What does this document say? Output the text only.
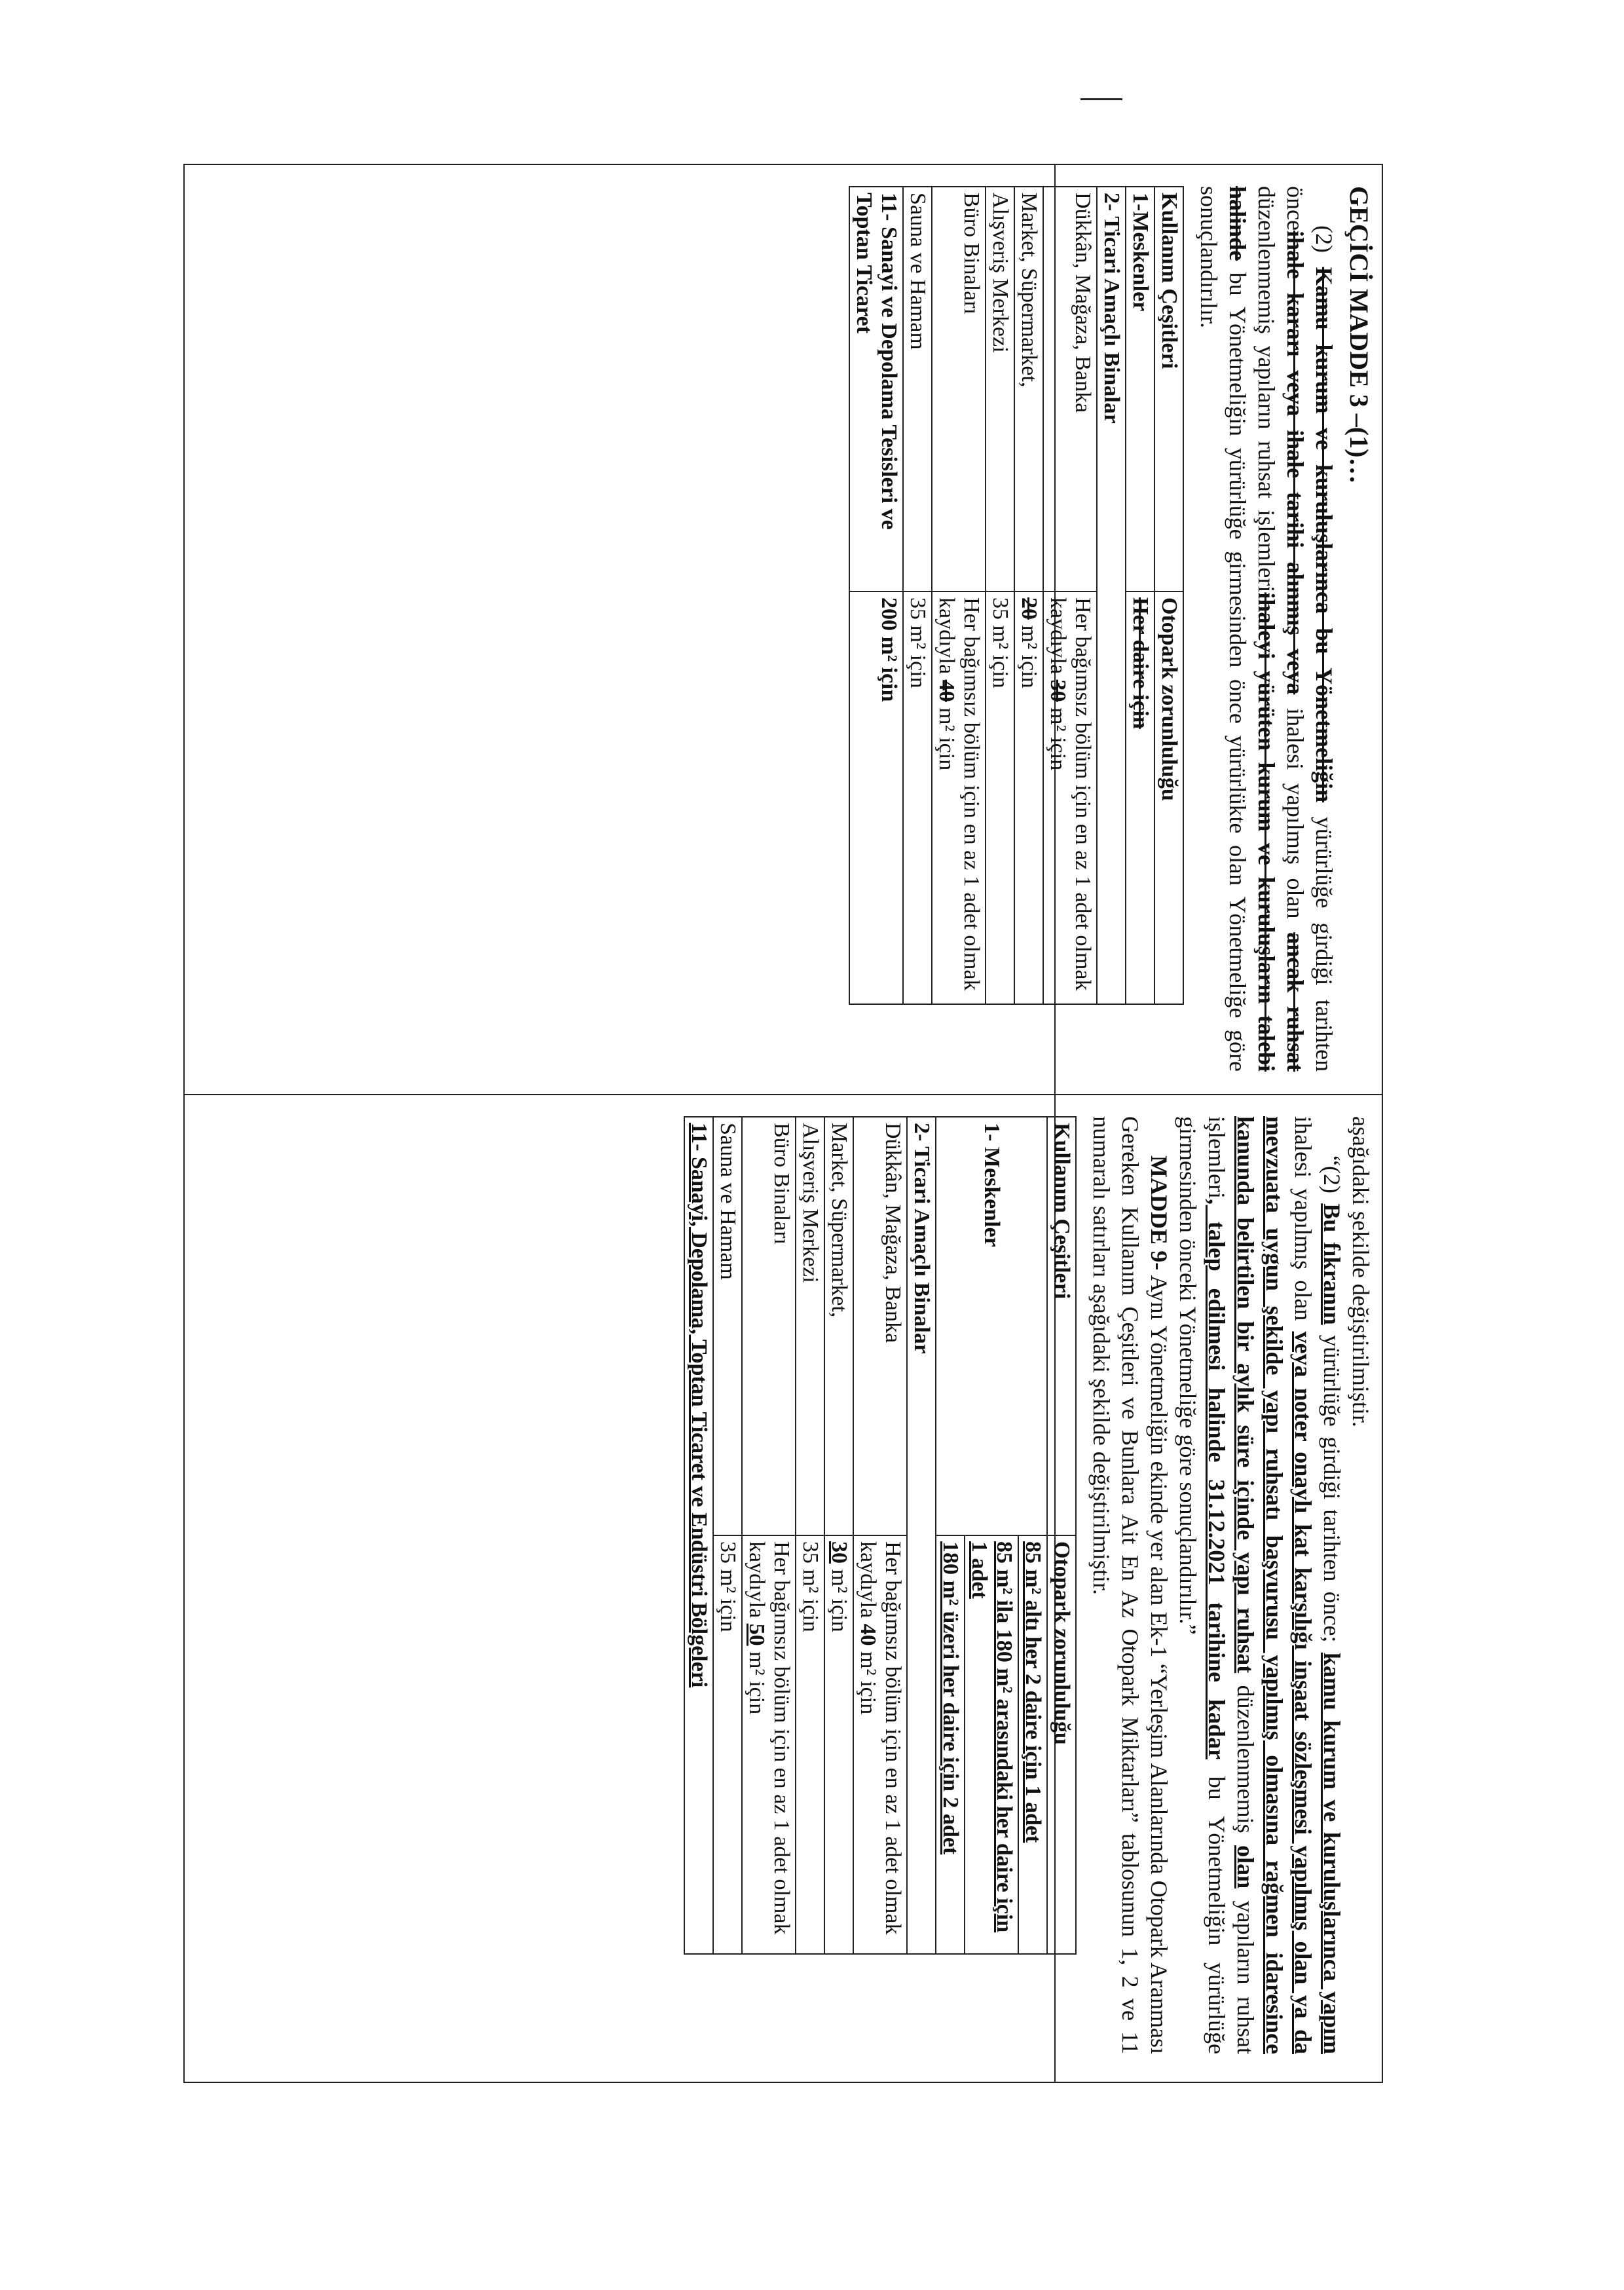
GEÇİCİ MADDE 3 –(1)…

(2) Kamu kurum ve kuruluşlarınca bu Yönetmeliğin yürürlüğe girdiği tarihten önceihale kararı veya ihale tarihi alınmış veya ihalesi yapılmış olan ancak ruhsat düzenlenmemiş yapıların ruhsat işlemleriihaleyi yürüten kurum ve kuruluşların talebi halinde bu Yönetmeliğin yürürlüğe girmesinden önce yürürlükte olan Yönetmeliğe göre sonuçlandırılır.

Kullanım Çeşitleri	Otopark zorunluluğu
1-Meskenler	Her daire için
2- Ticari Amaçlı Binalar	
Dükkân, Mağaza, Banka	Her bağımsız bölüm için en az 1 adet olmak kaydıyla 30 m² için
Market, Süpermarket,	20 m² için
Alışveriş Merkezi	35 m² için
Büro Binaları	Her bağımsız bölüm için en az 1 adet olmak kaydıyla 40 m² için
Sauna ve Hamam	35 m² için
11- Sanayi ve Depolama Tesisleri ve Toptan Ticaret	200 m² için

aşağıdaki şekilde değiştirilmiştir.

“(2) Bu fıkranın yürürlüğe girdiği tarihten önce; kamu kurum ve kuruluşlarınca yapım ihalesi yapılmış olan veya noter onaylı kat karşılığı inşaat sözleşmesi yapılmış olan ya da mevzuata uygun şekilde yapı ruhsatı başvurusu yapılmış olmasına rağmen idaresince kanunda belirtilen bir aylık süre içinde yapı ruhsat düzenlenmemiş olan yapıların ruhsat işlemleri, talep edilmesi halinde 31.12.2021 tarihine kadar bu Yönetmeliğin yürürlüğe girmesinden önceki Yönetmeliğe göre sonuçlandırılır.”

MADDE 9- Aynı Yönetmeliğin ekinde yer alan Ek-1 “Yerleşim Alanlarında Otopark Aranması Gereken Kullanım Çeşitleri ve Bunlara Ait En Az Otopark Miktarları” tablosunun 1, 2 ve 11 numaralı satırları aşağıdaki şekilde değiştirilmiştir.

Kullanım Çeşitleri	Otopark zorunluluğu
1- Meskenler	85 m² altı her 2 daire için 1 adet
	85 m² ila 180 m² arasındaki her daire için 1 adet
	180 m² üzeri her daire için 2 adet
2- Ticari Amaçlı Binalar	
Dükkân, Mağaza, Banka	Her bağımsız bölüm için en az 1 adet olmak kaydıyla 40 m² için
Market, Süpermarket,	30 m² için
Alışveriş Merkezi	35 m² için
Büro Binaları	Her bağımsız bölüm için en az 1 adet olmak kaydıyla 50 m² için
Sauna ve Hamam	35 m² için
11- Sanayi, Depolama, Toptan Ticaret ve Endüstri Bölgeleri	
